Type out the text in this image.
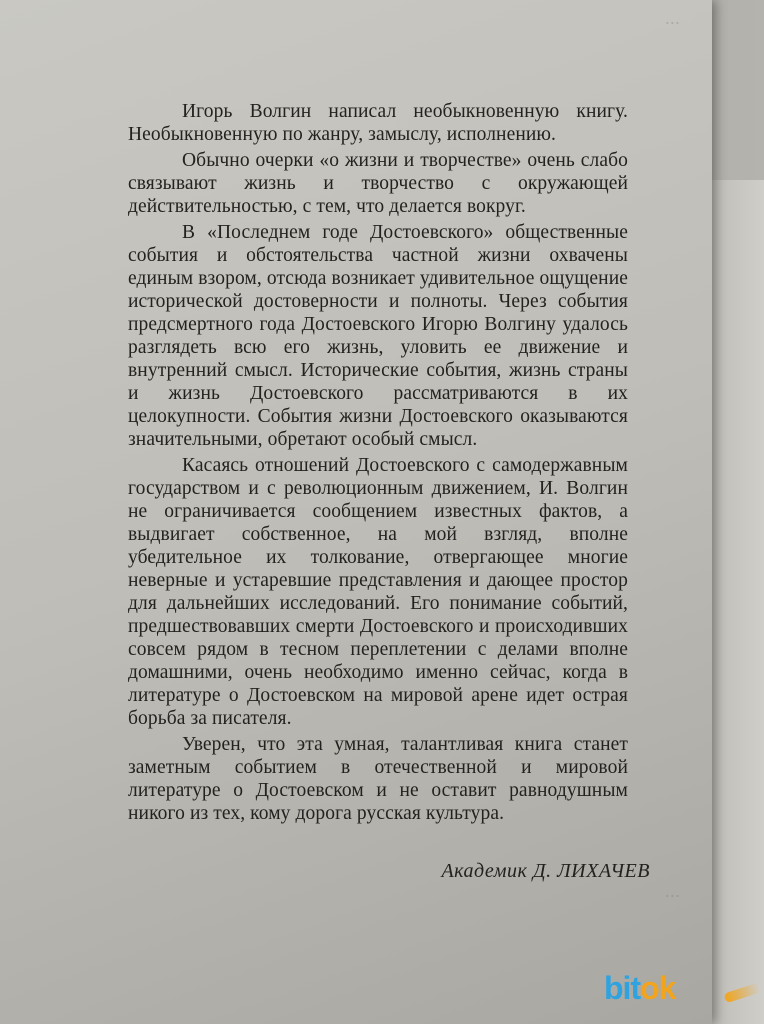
...
...

Игорь Волгин написал необыкновенную книгу. Необыкновенную по жанру, замыслу, исполнению.

Обычно очерки «о жизни и творчестве» очень слабо связывают жизнь и творчество с окружающей действительностью, с тем, что делается вокруг.

В «Последнем годе Достоевского» общественные события и обстоятельства частной жизни охвачены единым взором, отсюда возникает удивительное ощущение исторической достоверности и полноты. Через события предсмертного года Достоевского Игорю Волгину удалось разглядеть всю его жизнь, уловить ее движение и внутренний смысл. Исторические события, жизнь страны и жизнь Достоевского рассматриваются в их целокупности. События жизни Достоевского оказываются значительными, обретают особый смысл.

Касаясь отношений Достоевского с самодержавным государством и с революционным движением, И. Волгин не ограничивается сообщением известных фактов, а выдвигает собственное, на мой взгляд, вполне убедительное их толкование, отвергающее многие неверные и устаревшие представления и дающее простор для дальнейших исследований. Его понимание событий, предшествовавших смерти Достоевского и происходивших совсем рядом в тесном переплетении с делами вполне домашними, очень необходимо именно сейчас, когда в литературе о Достоевском на мировой арене идет острая борьба за писателя.

Уверен, что эта умная, талантливая книга станет заметным событием в отечественной и мировой литературе о Достоевском и не оставит равнодушным никого из тех, кому дорога русская культура.

Академик Д. ЛИХАЧЕВ
bitok
